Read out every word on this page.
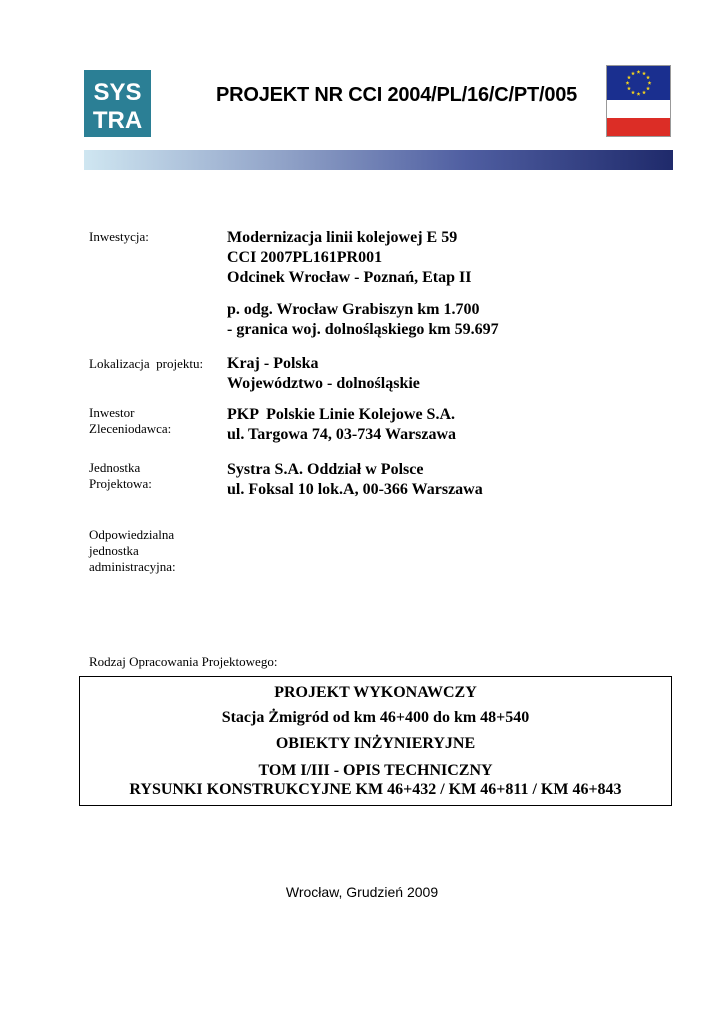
SYS
TRA
PROJEKT NR CCI 2004/PL/16/C/PT/005
Inwestycja:	Modernizacja linii kolejowej E 59
CCI 2007PL161PR001
Odcinek Wrocław - Poznań, Etap II
p. odg. Wrocław Grabiszyn km 1.700
- granica woj. dolnośląskiego km 59.697
Lokalizacja  projektu: Kraj - Polska
Województwo - dolnośląskie
Inwestor
Zleceniodawca:
PKP  Polskie Linie Kolejowe S.A.
ul. Targowa 74, 03-734 Warszawa
Jednostka
Projektowa:
Systra S.A. Oddział w Polsce
ul. Foksal 10 lok.A, 00-366 Warszawa
Odpowiedzialna
jednostka
administracyjna:
Rodzaj Opracowania Projektowego:
PROJEKT WYKONAWCZY
Stacja Żmigród od km 46+400 do km 48+540
OBIEKTY INŻYNIERYJNE
TOM I/III - OPIS TECHNICZNY
RYSUNKI KONSTRUKCYJNE KM 46+432 / KM 46+811 / KM 46+843
Wrocław, Grudzień 2009
